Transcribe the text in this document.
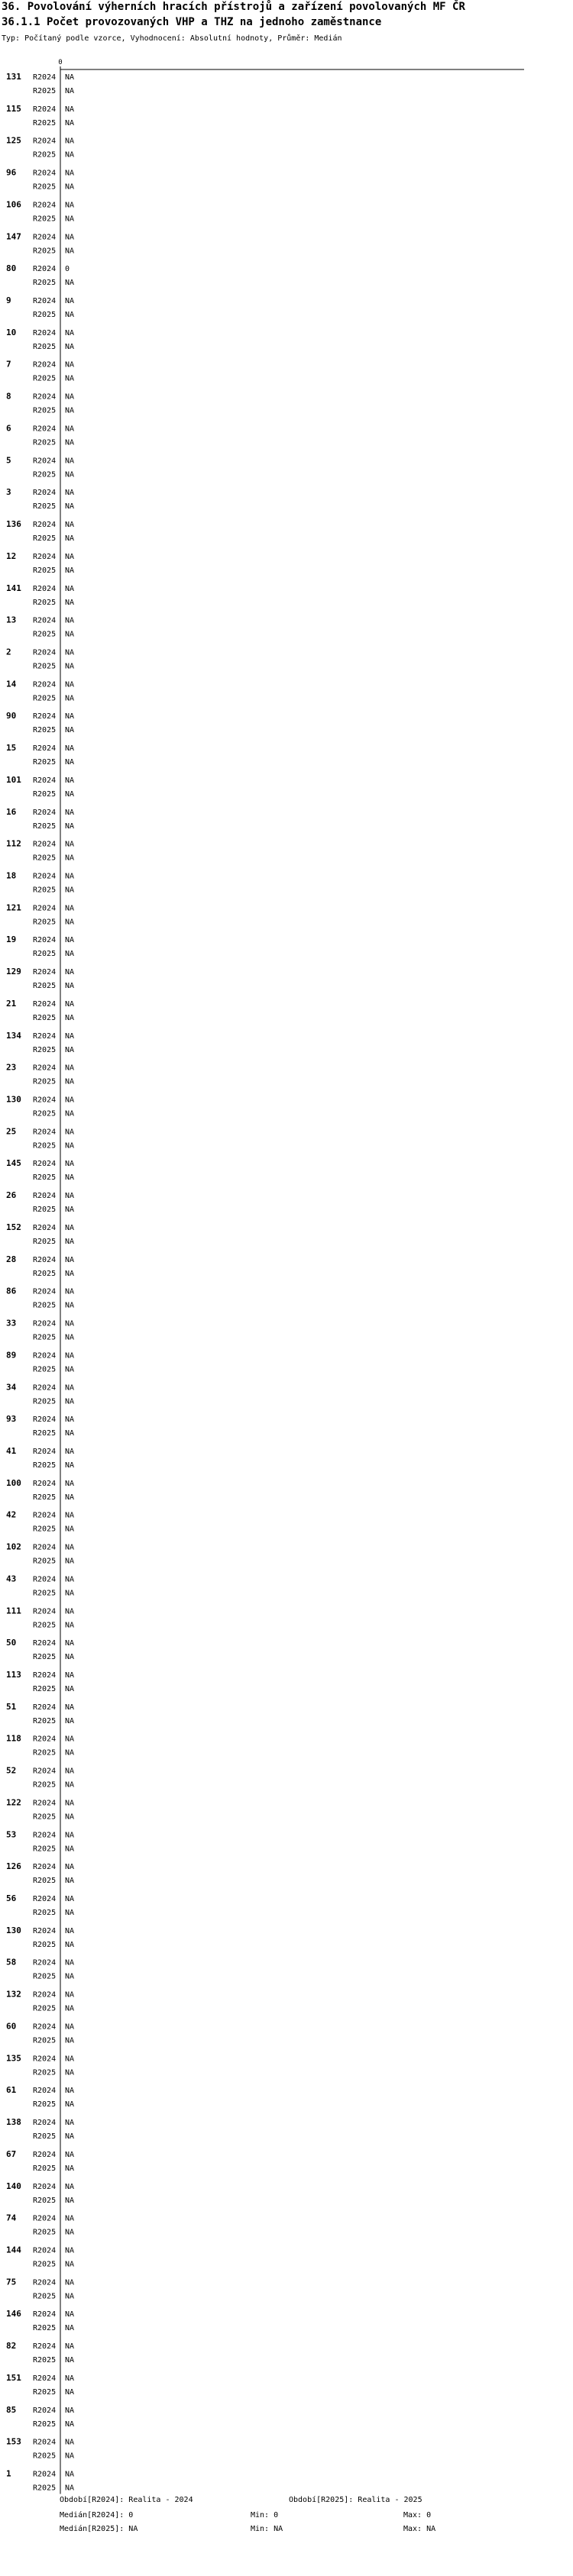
36. Povolování výherních hracích přístrojů a zařízení povolovaných MF ČR
36.1.1 Počet provozovaných VHP a THZ na jednoho zaměstnance
Typ: Počítaný podle vzorce, Vyhodnocení: Absolutní hodnoty, Průměr: Medián
0
131 R2024 NA
R2025 NA
115 R2024 NA
R2025 NA
125 R2024 NA
R2025 NA
96 R2024 NA
R2025 NA
106 R2024 NA
R2025 NA
147 R2024 NA
R2025 NA
80 R2024 0
R2025 NA
9	R2024 NA
R2025 NA
10 R2024 NA
R2025 NA
7	R2024 NA
R2025 NA
8	R2024 NA
R2025 NA
6	R2024 NA
R2025 NA
5	R2024 NA
R2025 NA
3	R2024 NA
R2025 NA
136 R2024 NA
R2025 NA
12 R2024 NA
R2025 NA
141 R2024 NA
R2025 NA
13 R2024 NA
R2025 NA
2	R2024 NA
R2025 NA
14 R2024 NA
R2025 NA
90 R2024 NA
R2025 NA
15 R2024 NA
R2025 NA
101 R2024 NA
R2025 NA
16 R2024 NA
R2025 NA
112 R2024 NA
R2025 NA
18 R2024 NA
R2025 NA
121 R2024 NA
R2025 NA
19 R2024 NA
R2025 NA
129 R2024 NA
R2025 NA
21 R2024 NA
R2025 NA
134 R2024 NA
R2025 NA
23 R2024 NA
R2025 NA
130 R2024 NA
R2025 NA
25 R2024 NA
R2025 NA
145 R2024 NA
R2025 NA
26 R2024 NA
R2025 NA
152 R2024 NA
R2025 NA
28 R2024 NA
R2025 NA
86 R2024 NA
R2025 NA
33 R2024 NA
R2025 NA
89 R2024 NA
R2025 NA
34 R2024 NA
R2025 NA
93 R2024 NA
R2025 NA
41 R2024 NA
R2025 NA
100 R2024 NA
R2025 NA
42 R2024 NA
R2025 NA
102 R2024 NA
R2025 NA
43 R2024 NA
R2025 NA
111 R2024 NA
R2025 NA
50 R2024 NA
R2025 NA
113 R2024 NA
R2025 NA
51 R2024 NA
R2025 NA
118 R2024 NA
R2025 NA
52 R2024 NA
R2025 NA
122 R2024 NA
R2025 NA
53 R2024 NA
R2025 NA
126 R2024 NA
R2025 NA
56 R2024 NA
R2025 NA
130 R2024 NA
R2025 NA
58 R2024 NA
R2025 NA
132 R2024 NA
R2025 NA
60 R2024 NA
R2025 NA
135 R2024 NA
R2025 NA
61 R2024 NA
R2025 NA
138 R2024 NA
R2025 NA
67 R2024 NA
R2025 NA
140 R2024 NA
R2025 NA
74 R2024 NA
R2025 NA
144 R2024 NA
R2025 NA
75 R2024 NA
R2025 NA
146 R2024 NA
R2025 NA
82 R2024 NA
R2025 NA
151 R2024 NA
R2025 NA
85 R2024 NA
R2025 NA
153 R2024 NA
R2025 NA
1	R2024 NA
R2025 NA
Období[R2024]: Realita - 2024	Období[R2025]: Realita - 2025
Medián[R2024]: 0	Min: 0	Max: 0
Medián[R2025]: NA	Min: NA	Max: NA
